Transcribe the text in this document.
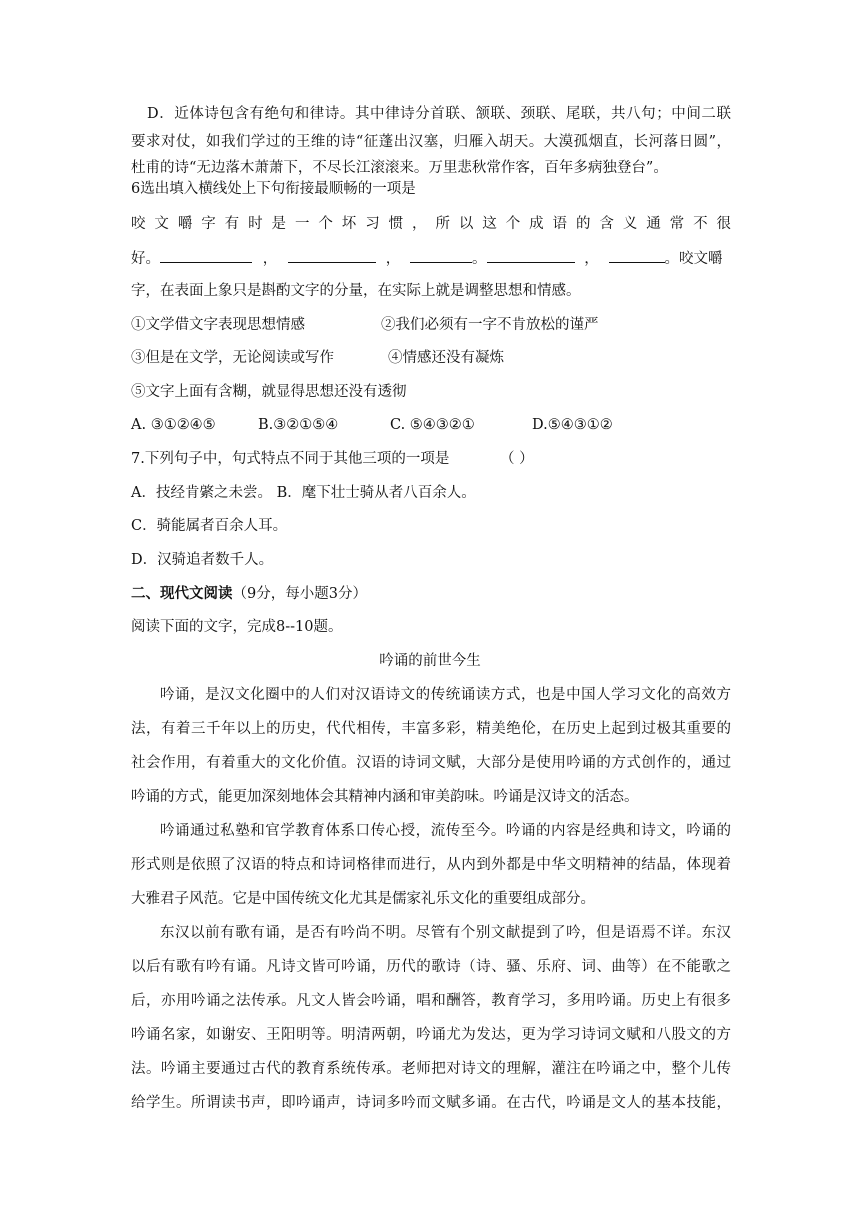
D．近体诗包含有绝句和律诗。其中律诗分首联、颔联、颈联、尾联，共八句；中间二联
要求对仗，如我们学过的王维的诗“征蓬出汉塞，归雁入胡天。大漠孤烟直，长河落日圆”，
杜甫的诗“无边落木萧萧下，不尽长江滚滚来。万里悲秋常作客，百年多病独登台”。
6选出填入横线处上下句衔接最顺畅的一项是
咬文嚼字有时是一个坏习惯，所以这个成语的含义通常不很
好。	，	，	。	，	。咬文嚼
字，在表面上象只是斟酌文字的分量，在实际上就是调整思想和情感。
①文学借文字表现思想情感	②我们必须有一字不肯放松的谨严
③但是在文学，无论阅读或写作	④情感还没有凝炼
⑤文字上面有含糊，就显得思想还没有透彻
A. ③①②④⑤	B.③②①⑤④	C. ⑤④③②①	D.⑤④③①②
7.下列句子中，句式特点不同于其他三项的一项是	（ ）
A．技经肯綮之未尝。 B．麾下壮士骑从者八百余人。
C．骑能属者百余人耳。
D．汉骑追者数千人。
二、现代文阅读（9分，每小题3分）
阅读下面的文字，完成8--10题。
吟诵的前世今生
吟诵，是汉文化圈中的人们对汉语诗文的传统诵读方式，也是中国人学习文化的高效方
法，有着三千年以上的历史，代代相传，丰富多彩，精美绝伦，在历史上起到过极其重要的
社会作用，有着重大的文化价值。汉语的诗词文赋，大部分是使用吟诵的方式创作的，通过
吟诵的方式，能更加深刻地体会其精神内涵和审美韵味。吟诵是汉诗文的活态。
吟诵通过私塾和官学教育体系口传心授，流传至今。吟诵的内容是经典和诗文，吟诵的
形式则是依照了汉语的特点和诗词格律而进行，从内到外都是中华文明精神的结晶，体现着
大雅君子风范。它是中国传统文化尤其是儒家礼乐文化的重要组成部分。
东汉以前有歌有诵，是否有吟尚不明。尽管有个别文献提到了吟，但是语焉不详。东汉
以后有歌有吟有诵。凡诗文皆可吟诵，历代的歌诗（诗、骚、乐府、词、曲等）在不能歌之
后，亦用吟诵之法传承。凡文人皆会吟诵，唱和酬答，教育学习，多用吟诵。历史上有很多
吟诵名家，如谢安、王阳明等。明清两朝，吟诵尤为发达，更为学习诗词文赋和八股文的方
法。吟诵主要通过古代的教育系统传承。老师把对诗文的理解，灌注在吟诵之中，整个儿传
给学生。所谓读书声，即吟诵声，诗词多吟而文赋多诵。在古代，吟诵是文人的基本技能，
